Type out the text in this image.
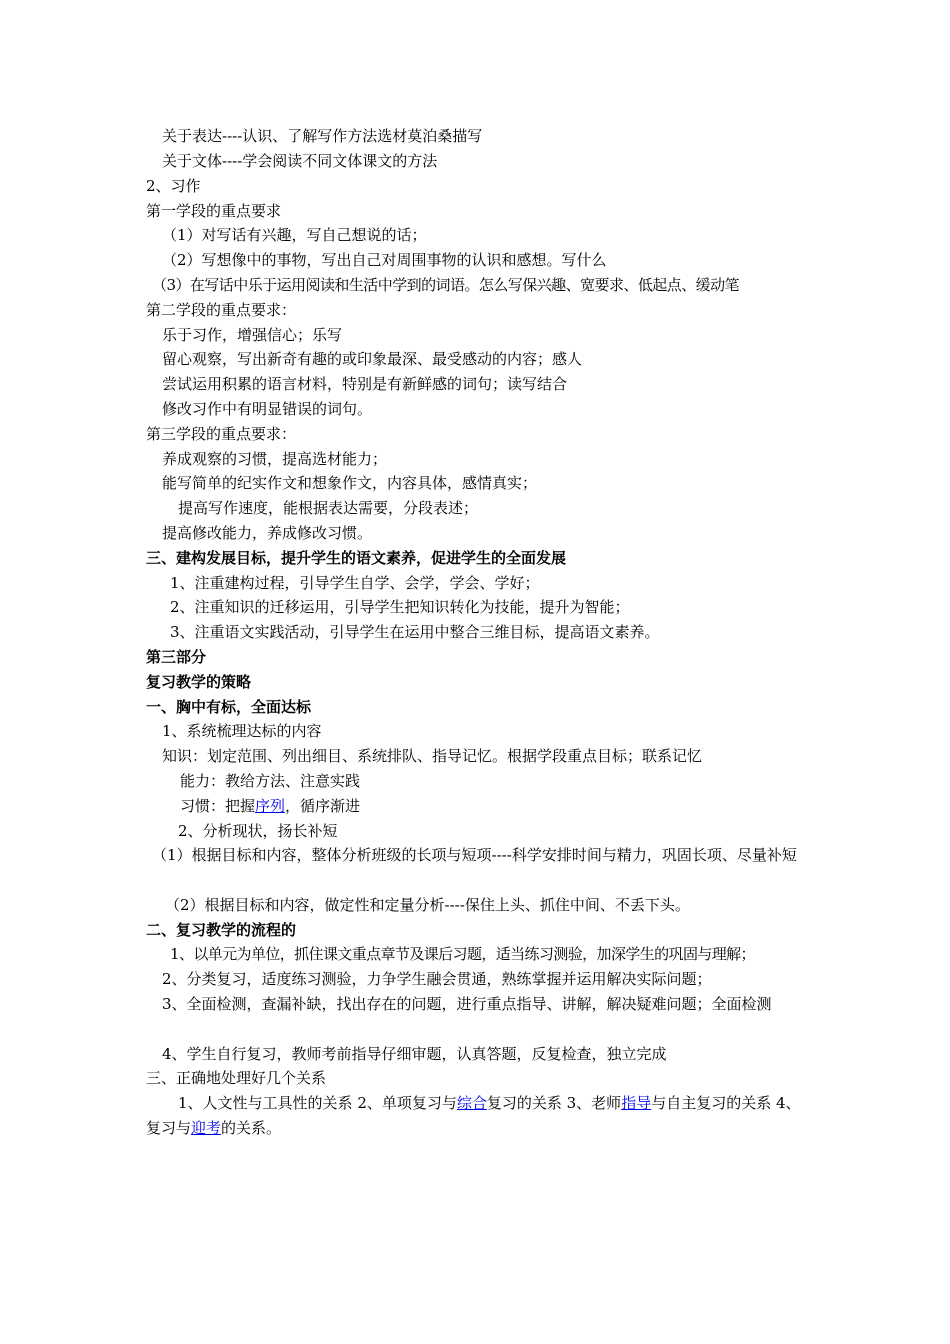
关于表达----认识、了解写作方法选材莫泊桑描写
关于文体----学会阅读不同文体课文的方法
2、习作
第一学段的重点要求
（1）对写话有兴趣，写自己想说的话；
（2）写想像中的事物，写出自己对周围事物的认识和感想。写什么
（3）在写话中乐于运用阅读和生活中学到的词语。怎么写保兴趣、宽要求、低起点、缓动笔
第二学段的重点要求：
乐于习作，增强信心；乐写
留心观察，写出新奇有趣的或印象最深、最受感动的内容；感人
尝试运用积累的语言材料，特别是有新鲜感的词句；读写结合
修改习作中有明显错误的词句。
第三学段的重点要求：
养成观察的习惯，提高选材能力；
能写简单的纪实作文和想象作文，内容具体，感情真实；
提高写作速度，能根据表达需要，分段表述；
提高修改能力，养成修改习惯。
三、建构发展目标，提升学生的语文素养，促进学生的全面发展
1、注重建构过程，引导学生自学、会学，学会、学好；
2、注重知识的迁移运用，引导学生把知识转化为技能，提升为智能；
3、注重语文实践活动，引导学生在运用中整合三维目标，提高语文素养。
第三部分
复习教学的策略
一、胸中有标，全面达标
1、系统梳理达标的内容
知识：划定范围、列出细目、系统排队、指导记忆。根据学段重点目标；联系记忆
能力：教给方法、注意实践
习惯：把握序列，循序渐进
2、分析现状，扬长补短
（1）根据目标和内容，整体分析班级的长项与短项----科学安排时间与精力，巩固长项、尽量补短
（2）根据目标和内容，做定性和定量分析----保住上头、抓住中间、不丢下头。
二、复习教学的流程的
1、以单元为单位，抓住课文重点章节及课后习题，适当练习测验，加深学生的巩固与理解；
2、分类复习，适度练习测验，力争学生融会贯通，熟练掌握并运用解决实际问题；
3、全面检测，查漏补缺，找出存在的问题，进行重点指导、讲解，解决疑难问题；全面检测
4、学生自行复习，教师考前指导仔细审题，认真答题，反复检查，独立完成
三、正确地处理好几个关系
1、人文性与工具性的关系 2、单项复习与综合复习的关系 3、老师指导与自主复习的关系 4、复习与迎考的关系。
